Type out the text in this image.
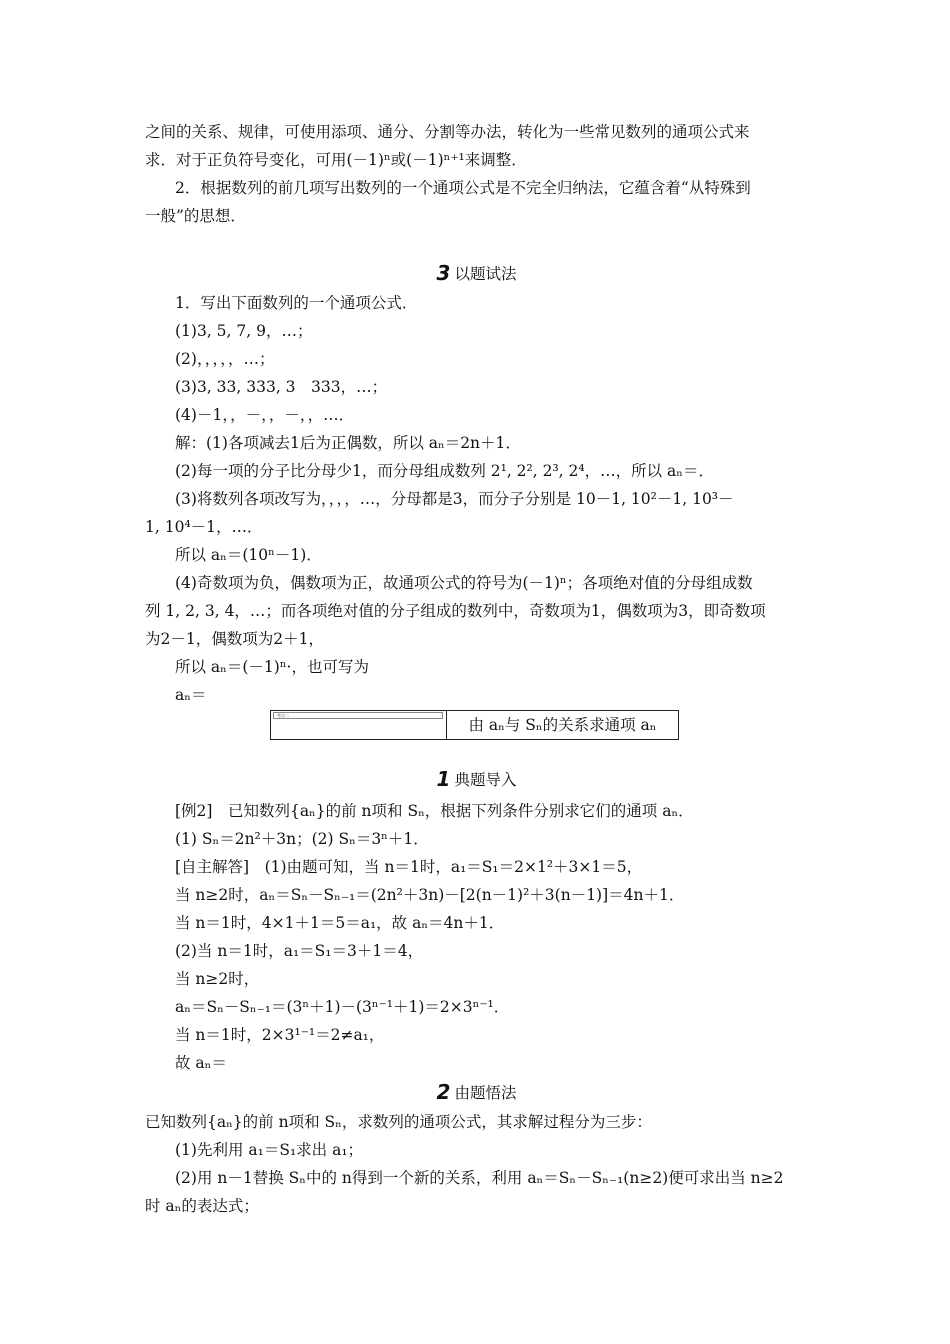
之间的关系、规律，可使用添项、通分、分割等办法，转化为一些常见数列的通项公式来
求．对于正负符号变化，可用(－1)ⁿ或(－1)ⁿ⁺¹来调整．
2．根据数列的前几项写出数列的一个通项公式是不完全归纳法，它蕴含着“从特殊到
一般”的思想．
3 以题试法
1．写出下面数列的一个通项公式．
(1)3, 5, 7, 9，…；
(2)，，，，，…；
(3)3, 33, 333, 3　333，…；
(4)－1，，－，，－，，…．
解：(1)各项减去1后为正偶数，所以 aₙ＝2n＋1．
(2)每一项的分子比分母少1，而分母组成数列 2¹, 2², 2³, 2⁴，…，所以 aₙ＝．
(3)将数列各项改写为，，，，…，分母都是3，而分子分别是 10－1, 10²－1, 10³－
1, 10⁴－1，…．
所以 aₙ＝(10ⁿ－1)．
(4)奇数项为负，偶数项为正，故通项公式的符号为(－1)ⁿ；各项绝对值的分母组成数
列 1, 2, 3, 4，…；而各项绝对值的分子组成的数列中，奇数项为1，偶数项为3，即奇数项
为2－1，偶数项为2＋1，
所以 aₙ＝(－1)ⁿ·，也可写为
aₙ＝
考点二
由 aₙ与 Sₙ的关系求通项 aₙ
1 典题导入
[例2]　已知数列{aₙ}的前 n项和 Sₙ，根据下列条件分别求它们的通项 aₙ．
(1) Sₙ＝2n²＋3n；(2) Sₙ＝3ⁿ＋1．
[自主解答]　(1)由题可知，当 n＝1时，a₁＝S₁＝2×1²＋3×1＝5，
当 n≥2时，aₙ＝Sₙ－Sₙ₋₁＝(2n²＋3n)－[2(n－1)²＋3(n－1)]＝4n＋1．
当 n＝1时，4×1＋1＝5＝a₁，故 aₙ＝4n＋1．
(2)当 n＝1时，a₁＝S₁＝3＋1＝4，
当 n≥2时，
aₙ＝Sₙ－Sₙ₋₁＝(3ⁿ＋1)－(3ⁿ⁻¹＋1)＝2×3ⁿ⁻¹．
当 n＝1时，2×3¹⁻¹＝2≠a₁，
故 aₙ＝
2 由题悟法
已知数列{aₙ}的前 n项和 Sₙ，求数列的通项公式，其求解过程分为三步：
(1)先利用 a₁＝S₁求出 a₁；
(2)用 n－1替换 Sₙ中的 n得到一个新的关系，利用 aₙ＝Sₙ－Sₙ₋₁(n≥2)便可求出当 n≥2
时 aₙ的表达式；
